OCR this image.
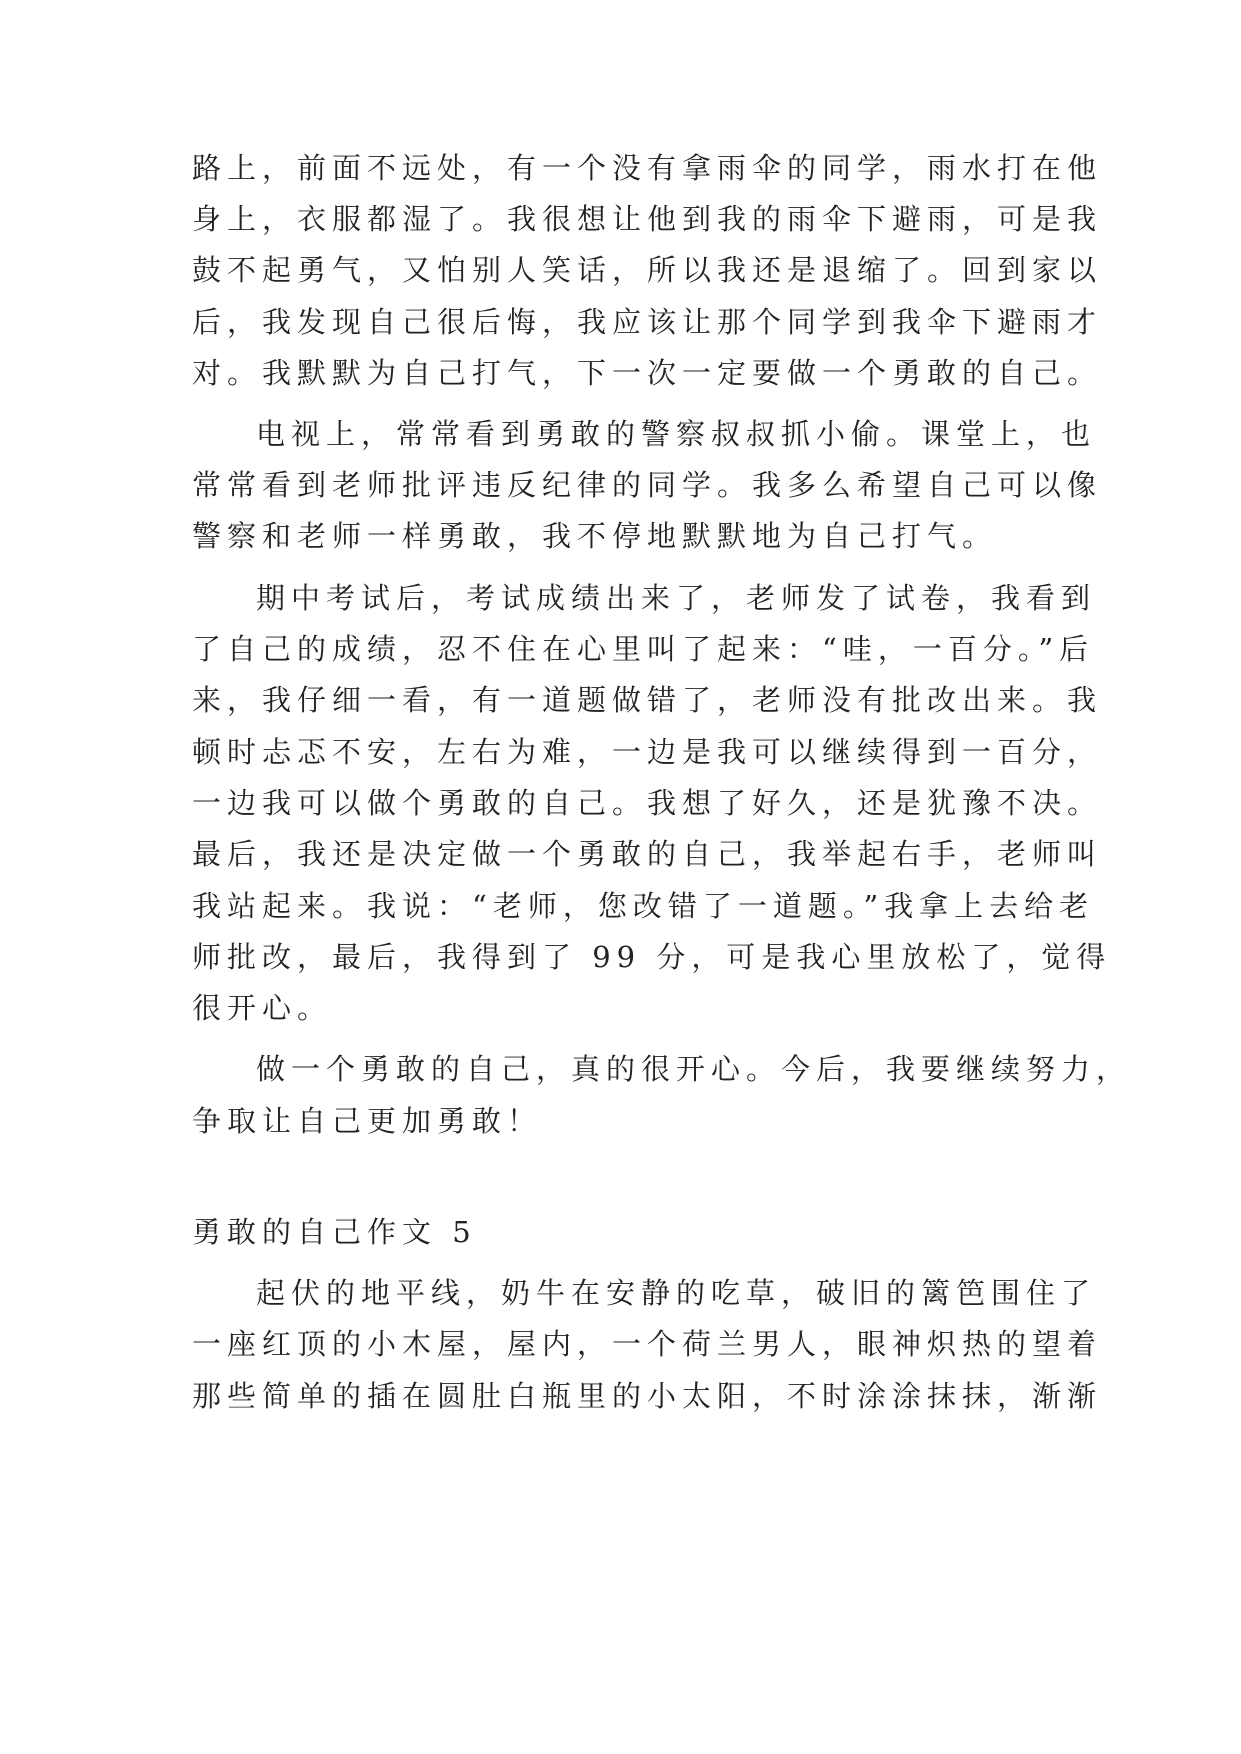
路上，前面不远处，有一个没有拿雨伞的同学，雨水打在他
身上，衣服都湿了。我很想让他到我的雨伞下避雨，可是我
鼓不起勇气，又怕别人笑话，所以我还是退缩了。回到家以
后，我发现自己很后悔，我应该让那个同学到我伞下避雨才
对。我默默为自己打气，下一次一定要做一个勇敢的自己。
电视上，常常看到勇敢的警察叔叔抓小偷。课堂上，也
常常看到老师批评违反纪律的同学。我多么希望自己可以像
警察和老师一样勇敢，我不停地默默地为自己打气。
期中考试后，考试成绩出来了，老师发了试卷，我看到
了自己的成绩，忍不住在心里叫了起来：“哇，一百分。”后
来，我仔细一看，有一道题做错了，老师没有批改出来。我
顿时忐忑不安，左右为难，一边是我可以继续得到一百分，
一边我可以做个勇敢的自己。我想了好久，还是犹豫不决。
最后，我还是决定做一个勇敢的自己，我举起右手，老师叫
我站起来。我说：“老师，您改错了一道题。”我拿上去给老
师批改，最后，我得到了 99 分，可是我心里放松了，觉得
很开心。
做一个勇敢的自己，真的很开心。今后，我要继续努力，
争取让自己更加勇敢！
勇敢的自己作文 5
起伏的地平线，奶牛在安静的吃草，破旧的篱笆围住了
一座红顶的小木屋，屋内，一个荷兰男人，眼神炽热的望着
那些简单的插在圆肚白瓶里的小太阳，不时涂涂抹抹，渐渐
